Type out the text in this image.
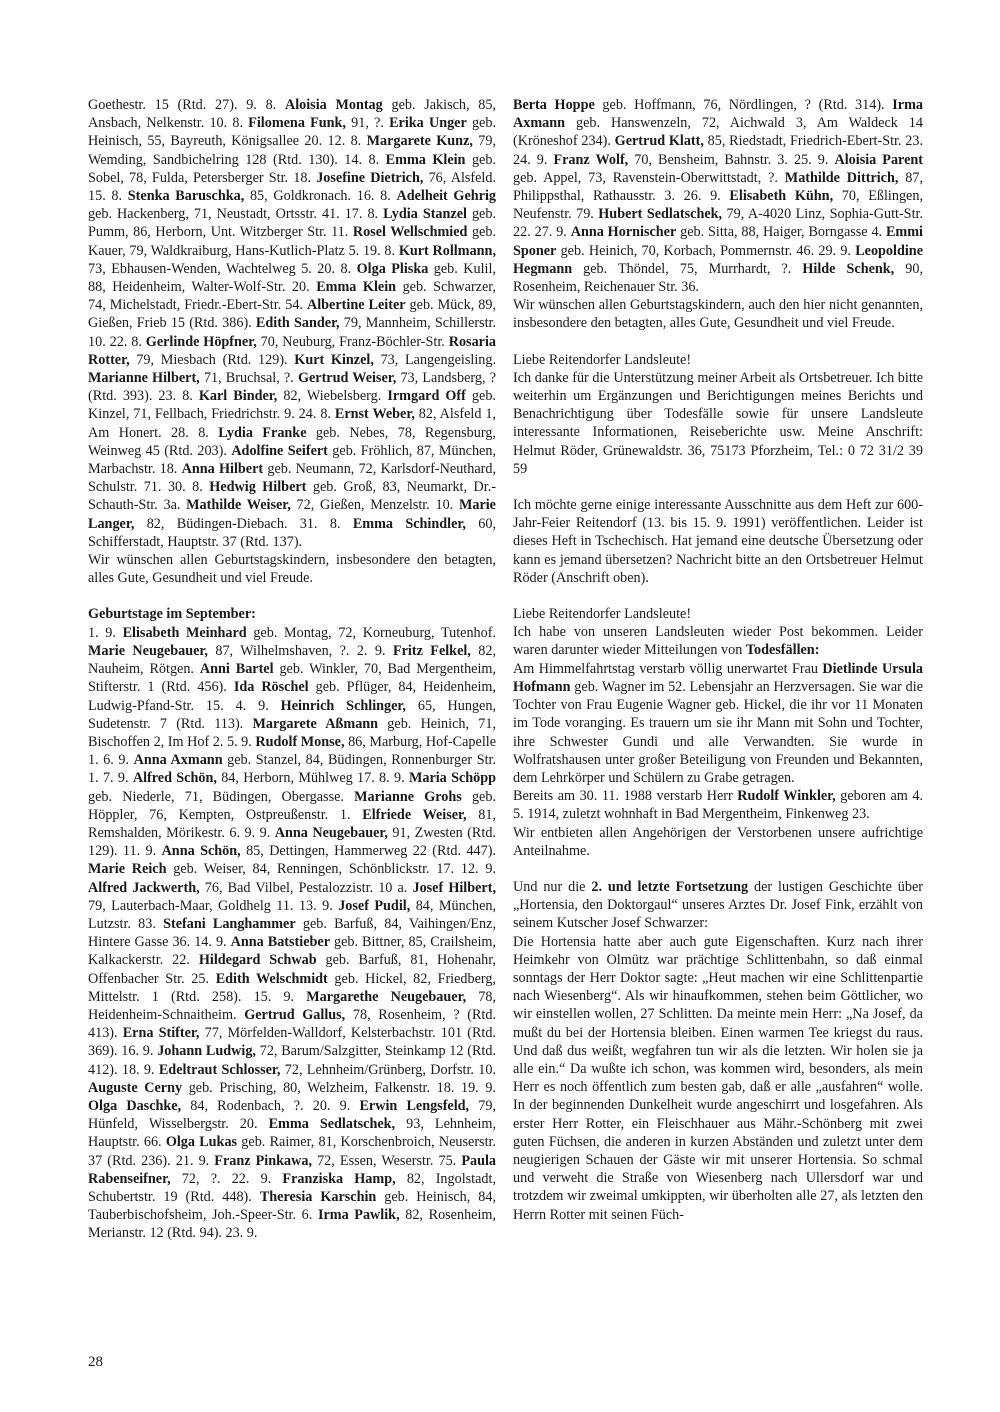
Goethestr. 15 (Rtd. 27). 9. 8. Aloisia Montag geb. Jakisch, 85, Ansbach, Nelkenstr. 10. 8. Filomena Funk, 91, ?. Erika Unger geb. Heinisch, 55, Bayreuth, Königsallee 20. 12. 8. Margarete Kunz, 79, Wemding, Sandbichelring 128 (Rtd. 130). 14. 8. Emma Klein geb. Sobel, 78, Fulda, Petersberger Str. 18. Josefine Dietrich, 76, Alsfeld. 15. 8. Stenka Baruschka, 85, Goldkronach. 16. 8. Adelheit Gehrig geb. Hackenberg, 71, Neustadt, Ortsstr. 41. 17. 8. Lydia Stanzel geb. Pumm, 86, Herborn, Unt. Witzberger Str. 11. Rosel Wellschmied geb. Kauer, 79, Waldkraiburg, Hans-Kutlich-Platz 5. 19. 8. Kurt Rollmann, 73, Ebhausen-Wenden, Wachtelweg 5. 20. 8. Olga Pliska geb. Kulil, 88, Heidenheim, Walter-Wolf-Str. 20. Emma Klein geb. Schwarzer, 74, Michelstadt, Friedr.-Ebert-Str. 54. Albertine Leiter geb. Mück, 89, Gießen, Frieb 15 (Rtd. 386). Edith Sander, 79, Mannheim, Schillerstr. 10. 22. 8. Gerlinde Höpfner, 70, Neuburg, Franz-Böchler-Str. Rosaria Rotter, 79, Miesbach (Rtd. 129). Kurt Kinzel, 73, Langengeisling. Marianne Hilbert, 71, Bruchsal, ?. Gertrud Weiser, 73, Landsberg, ? (Rtd. 393). 23. 8. Karl Binder, 82, Wiebelsberg. Irmgard Off geb. Kinzel, 71, Fellbach, Friedrichstr. 9. 24. 8. Ernst Weber, 82, Alsfeld 1, Am Honert. 28. 8. Lydia Franke geb. Nebes, 78, Regensburg, Weinweg 45 (Rtd. 203). Adolfine Seifert geb. Fröhlich, 87, München, Marbachstr. 18. Anna Hilbert geb. Neumann, 72, Karlsdorf-Neuthard, Schulstr. 71. 30. 8. Hedwig Hilbert geb. Groß, 83, Neumarkt, Dr.-Schauth-Str. 3a. Mathilde Weiser, 72, Gießen, Menzelstr. 10. Marie Langer, 82, Büdingen-Diebach. 31. 8. Emma Schindler, 60, Schifferstadt, Hauptstr. 37 (Rtd. 137).

Wir wünschen allen Geburtstagskindern, insbesondere den betagten, alles Gute, Gesundheit und viel Freude.

Geburtstage im September:

1. 9. Elisabeth Meinhard geb. Montag, 72, Korneuburg, Tutenhof. Marie Neugebauer, 87, Wilhelmshaven, ?. 2. 9. Fritz Felkel, 82, Nauheim, Rötgen. Anni Bartel geb. Winkler, 70, Bad Mergentheim, Stifterstr. 1 (Rtd. 456). Ida Röschel geb. Pflüger, 84, Heidenheim, Ludwig-Pfand-Str. 15. 4. 9. Heinrich Schlinger, 65, Hungen, Sudetenstr. 7 (Rtd. 113). Margarete Aßmann geb. Heinich, 71, Bischoffen 2, Im Hof 2. 5. 9. Rudolf Monse, 86, Marburg, Hof-Capelle 1. 6. 9. Anna Axmann geb. Stanzel, 84, Büdingen, Ronnenburger Str. 1. 7. 9. Alfred Schön, 84, Herborn, Mühlweg 17. 8. 9. Maria Schöpp geb. Niederle, 71, Büdingen, Obergasse. Marianne Grohs geb. Höppler, 76, Kempten, Ostpreußenstr. 1. Elfriede Weiser, 81, Remshalden, Mörikestr. 6. 9. 9. Anna Neugebauer, 91, Zwesten (Rtd. 129). 11. 9. Anna Schön, 85, Dettingen, Hammerweg 22 (Rtd. 447). Marie Reich geb. Weiser, 84, Renningen, Schönblickstr. 17. 12. 9. Alfred Jackwerth, 76, Bad Vilbel, Pestalozzistr. 10 a. Josef Hilbert, 79, Lauterbach-Maar, Goldhelg 11. 13. 9. Josef Pudil, 84, München, Lutzstr. 83. Stefani Langhammer geb. Barfuß, 84, Vaihingen/Enz, Hintere Gasse 36. 14. 9. Anna Batstieber geb. Bittner, 85, Crailsheim, Kalkackerstr. 22. Hildegard Schwab geb. Barfuß, 81, Hohenahr, Offenbacher Str. 25. Edith Welschmidt geb. Hickel, 82, Friedberg, Mittelstr. 1 (Rtd. 258). 15. 9. Margarethe Neugebauer, 78, Heidenheim-Schnaitheim. Gertrud Gallus, 78, Rosenheim, ? (Rtd. 413). Erna Stifter, 77, Mörfelden-Walldorf, Kelsterbachstr. 101 (Rtd. 369). 16. 9. Johann Ludwig, 72, Barum/Salzgitter, Steinkamp 12 (Rtd. 412). 18. 9. Edeltraut Schlosser, 72, Lehnheim/Grünberg, Dorfstr. 10. Auguste Cerny geb. Prisching, 80, Welzheim, Falkenstr. 18. 19. 9. Olga Daschke, 84, Rodenbach, ?. 20. 9. Erwin Lengsfeld, 79, Hünfeld, Wisselbergstr. 20. Emma Sedlatschek, 93, Lehnheim, Hauptstr. 66. Olga Lukas geb. Raimer, 81, Korschenbroich, Neuserstr. 37 (Rtd. 236). 21. 9. Franz Pinkawa, 72, Essen, Weserstr. 75. Paula Rabenseifner, 72, ?. 22. 9. Franziska Hamp, 82, Ingolstadt, Schubertstr. 19 (Rtd. 448). Theresia Karschin geb. Heinisch, 84, Tauberbischofsheim, Joh.-Speer-Str. 6. Irma Pawlik, 82, Rosenheim, Merianstr. 12 (Rtd. 94). 23. 9.

Berta Hoppe geb. Hoffmann, 76, Nördlingen, ? (Rtd. 314). Irma Axmann geb. Hanswenzeln, 72, Aichwald 3, Am Waldeck 14 (Kröneshof 234). Gertrud Klatt, 85, Riedstadt, Friedrich-Ebert-Str. 23. 24. 9. Franz Wolf, 70, Bensheim, Bahnstr. 3. 25. 9. Aloisia Parent geb. Appel, 73, Ravenstein-Oberwittstadt, ?. Mathilde Dittrich, 87, Philippsthal, Rathausstr. 3. 26. 9. Elisabeth Kühn, 70, Eßlingen, Neufenstr. 79. Hubert Sedlatschek, 79, A-4020 Linz, Sophia-Gutt-Str. 22. 27. 9. Anna Hornischer geb. Sitta, 88, Haiger, Borngasse 4. Emmi Sponer geb. Heinich, 70, Korbach, Pommernstr. 46. 29. 9. Leopoldine Hegmann geb. Thöndel, 75, Murrhardt, ?. Hilde Schenk, 90, Rosenheim, Reichenauer Str. 36.

Wir wünschen allen Geburtstagskindern, auch den hier nicht genannten, insbesondere den betagten, alles Gute, Gesundheit und viel Freude.

Liebe Reitendorfer Landsleute!

Ich danke für die Unterstützung meiner Arbeit als Ortsbetreuer. Ich bitte weiterhin um Ergänzungen und Berichtigungen meines Berichts und Benachrichtigung über Todesfälle sowie für unsere Landsleute interessante Informationen, Reiseberichte usw. Meine Anschrift: Helmut Röder, Grünewaldstr. 36, 75173 Pforzheim, Tel.: 0 72 31/2 39 59

Ich möchte gerne einige interessante Ausschnitte aus dem Heft zur 600-Jahr-Feier Reitendorf (13. bis 15. 9. 1991) veröffentlichen. Leider ist dieses Heft in Tschechisch. Hat jemand eine deutsche Übersetzung oder kann es jemand übersetzen? Nachricht bitte an den Ortsbetreuer Helmut Röder (Anschrift oben).

Liebe Reitendorfer Landsleute!

Ich habe von unseren Landsleuten wieder Post bekommen. Leider waren darunter wieder Mitteilungen von Todesfällen:

Am Himmelfahrtstag verstarb völlig unerwartet Frau Dietlinde Ursula Hofmann geb. Wagner im 52. Lebensjahr an Herzversagen. Sie war die Tochter von Frau Eugenie Wagner geb. Hickel, die ihr vor 11 Monaten im Tode voranging. Es trauern um sie ihr Mann mit Sohn und Tochter, ihre Schwester Gundi und alle Verwandten. Sie wurde in Wolfratshausen unter großer Beteiligung von Freunden und Bekannten, dem Lehrkörper und Schülern zu Grabe getragen.

Bereits am 30. 11. 1988 verstarb Herr Rudolf Winkler, geboren am 4. 5. 1914, zuletzt wohnhaft in Bad Mergentheim, Finkenweg 23.

Wir entbieten allen Angehörigen der Verstorbenen unsere aufrichtige Anteilnahme.

Und nur die 2. und letzte Fortsetzung der lustigen Geschichte über „Hortensia, den Doktorgaul“ unseres Arztes Dr. Josef Fink, erzählt von seinem Kutscher Josef Schwarzer:

Die Hortensia hatte aber auch gute Eigenschaften. Kurz nach ihrer Heimkehr von Olmütz war prächtige Schlittenbahn, so daß einmal sonntags der Herr Doktor sagte: „Heut machen wir eine Schlittenpartie nach Wiesenberg“. Als wir hinaufkommen, stehen beim Göttlicher, wo wir einstellen wollen, 27 Schlitten. Da meinte mein Herr: „Na Josef, da mußt du bei der Hortensia bleiben. Einen warmen Tee kriegst du raus. Und daß dus weißt, wegfahren tun wir als die letzten. Wir holen sie ja alle ein.“ Da wußte ich schon, was kommen wird, besonders, als mein Herr es noch öffentlich zum besten gab, daß er alle „ausfahren“ wolle. In der beginnenden Dunkelheit wurde angeschirrt und losgefahren. Als erster Herr Rotter, ein Fleischhauer aus Mähr.-Schönberg mit zwei guten Füchsen, die anderen in kurzen Abständen und zuletzt unter dem neugierigen Schauen der Gäste wir mit unserer Hortensia. So schmal und verweht die Straße von Wiesenberg nach Ullersdorf war und trotzdem wir zweimal umkippten, wir überholten alle 27, als letzten den Herrn Rotter mit seinen Füch-

28
